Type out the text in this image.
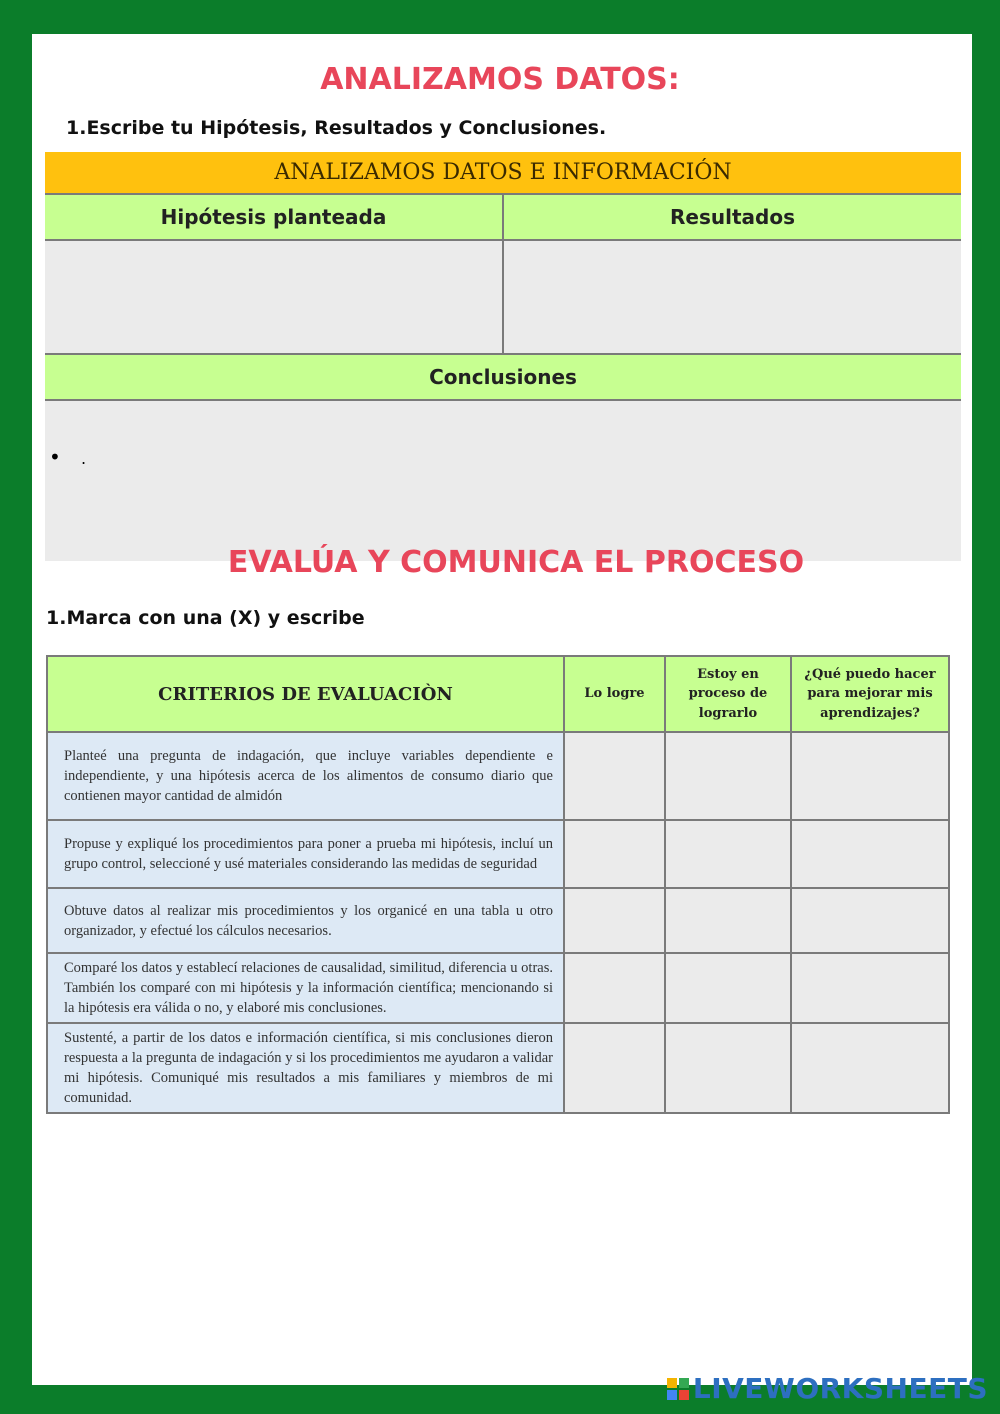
ANALIZAMOS DATOS:

1.Escribe tu Hipótesis, Resultados y Conclusiones.

ANALIZAMOS DATOS E INFORMACIÓN
Hipótesis planteada	Resultados
Conclusiones
• .
EVALÚA Y COMUNICA EL PROCESO

1.Marca con una (X) y escribe

CRITERIOS DE EVALUACIÒN	Lo logre	Estoy en proceso de lograrlo	¿Qué puedo hacer para mejorar mis aprendizajes?
Planteé una pregunta de indagación, que incluye variables dependiente e independiente, y una hipótesis acerca de los alimentos de consumo diario que contienen mayor cantidad de almidón			
Propuse y expliqué los procedimientos para poner a prueba mi hipótesis, incluí un grupo control, seleccioné y usé materiales considerando las medidas de seguridad			
Obtuve datos al realizar mis procedimientos y los organicé en una tabla u otro organizador, y efectué los cálculos necesarios.			
Comparé los datos y establecí relaciones de causalidad, similitud, diferencia u otras. También los comparé con mi hipótesis y la información científica; mencionando si la hipótesis era válida o no, y elaboré mis conclusiones.			
Sustenté, a partir de los datos e información científica, si mis conclusiones dieron respuesta a la pregunta de indagación y si los procedimientos me ayudaron a validar mi hipótesis. Comuniqué mis resultados a mis familiares y miembros de mi comunidad.			
LIVEWORKSHEETS
